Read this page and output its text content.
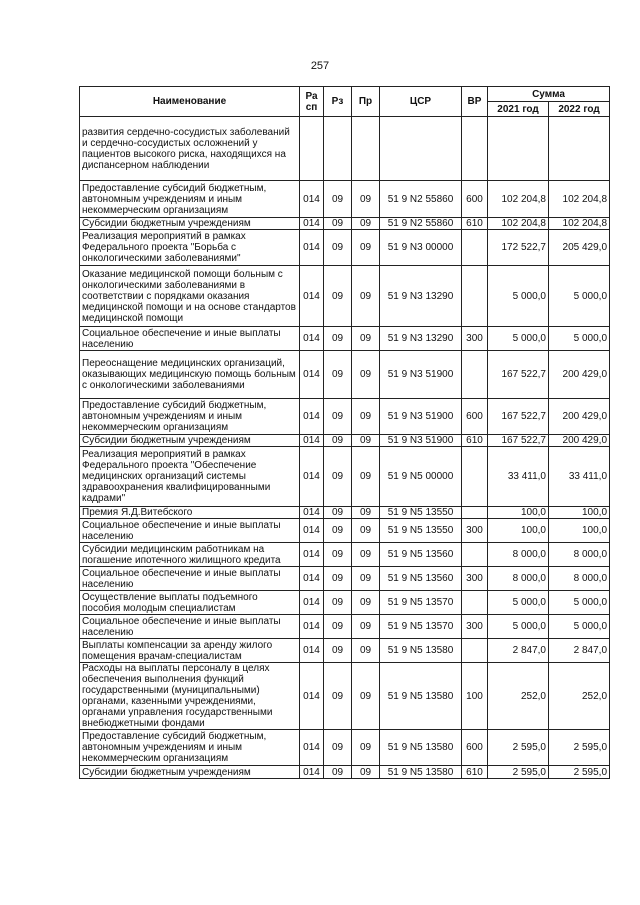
257
Наименование	Ра сп	Рз	Пр	ЦСР	ВР	Сумма	
						2021 год	2022 год
развития сердечно-сосудистых заболеваний и сердечно-сосудистых осложнений у пациентов высокого риска, находящихся на диспансерном наблюдении							
Предоставление субсидий бюджетным, автономным учреждениям и иным некоммерческим организациям	014	09	09	51 9 N2 55860	600	102 204,8	102 204,8
Субсидии бюджетным учреждениям	014	09	09	51 9 N2 55860	610	102 204,8	102 204,8
Реализация мероприятий в рамках Федерального проекта "Борьба с онкологическими заболеваниями"	014	09	09	51 9 N3 00000		172 522,7	205 429,0
Оказание медицинской помощи больным с онкологическими заболеваниями в соответствии с порядками оказания медицинской помощи и на основе стандартов медицинской помощи	014	09	09	51 9 N3 13290		5 000,0	5 000,0
Социальное обеспечение и иные выплаты населению	014	09	09	51 9 N3 13290	300	5 000,0	5 000,0
Переоснащение медицинских организаций, оказывающих медицинскую помощь больным с онкологическими заболеваниями	014	09	09	51 9 N3 51900		167 522,7	200 429,0
Предоставление субсидий бюджетным, автономным учреждениям и иным некоммерческим организациям	014	09	09	51 9 N3 51900	600	167 522,7	200 429,0
Субсидии бюджетным учреждениям	014	09	09	51 9 N3 51900	610	167 522,7	200 429,0
Реализация мероприятий в рамках Федерального проекта "Обеспечение медицинских организаций системы здравоохранения квалифицированными кадрами"	014	09	09	51 9 N5 00000		33 411,0	33 411,0
Премия Я.Д.Витебского	014	09	09	51 9 N5 13550		100,0	100,0
Социальное обеспечение и иные выплаты населению	014	09	09	51 9 N5 13550	300	100,0	100,0
Субсидии медицинским работникам на погашение ипотечного жилищного кредита	014	09	09	51 9 N5 13560		8 000,0	8 000,0
Социальное обеспечение и иные выплаты населению	014	09	09	51 9 N5 13560	300	8 000,0	8 000,0
Осуществление выплаты подъемного пособия молодым специалистам	014	09	09	51 9 N5 13570		5 000,0	5 000,0
Социальное обеспечение и иные выплаты населению	014	09	09	51 9 N5 13570	300	5 000,0	5 000,0
Выплаты компенсации за аренду жилого помещения врачам-специалистам	014	09	09	51 9 N5 13580		2 847,0	2 847,0
Расходы на выплаты персоналу в целях обеспечения выполнения функций государственными (муниципальными) органами, казенными учреждениями, органами управления государственными внебюджетными фондами	014	09	09	51 9 N5 13580	100	252,0	252,0
Предоставление субсидий бюджетным, автономным учреждениям и иным некоммерческим организациям	014	09	09	51 9 N5 13580	600	2 595,0	2 595,0
Субсидии бюджетным учреждениям	014	09	09	51 9 N5 13580	610	2 595,0	2 595,0
